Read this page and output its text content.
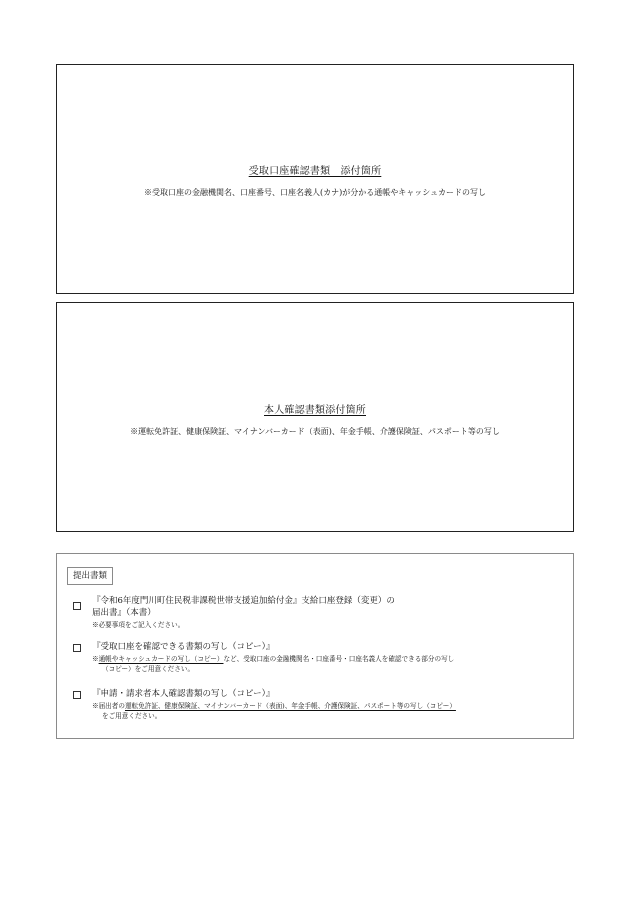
受取口座確認書類　添付箇所
※受取口座の金融機関名、口座番号、口座名義人(カナ)が分かる通帳やキャッシュカードの写し
本人確認書類添付箇所
※運転免許証、健康保険証、マイナンバーカード（表面)、年金手帳、介護保険証、パスポート等の写し
提出書類
『令和6年度門川町住民税非課税世帯支援追加給付金』支給口座登録（変更）の
届出書』（本書）
※必要事項をご記入ください。
『受取口座を確認できる書類の写し（コピー）』
※通帳やキャッシュカードの写し（コピー）など、受取口座の金融機関名・口座番号・口座名義人を確認できる部分の写し
（コピー）をご用意ください。
『申請・請求者本人確認書類の写し（コピー）』
※届出者の運転免許証、健康保険証、マイナンバーカード（表面)、年金手帳、介護保険証、パスポート等の写し（コピー）
をご用意ください。
